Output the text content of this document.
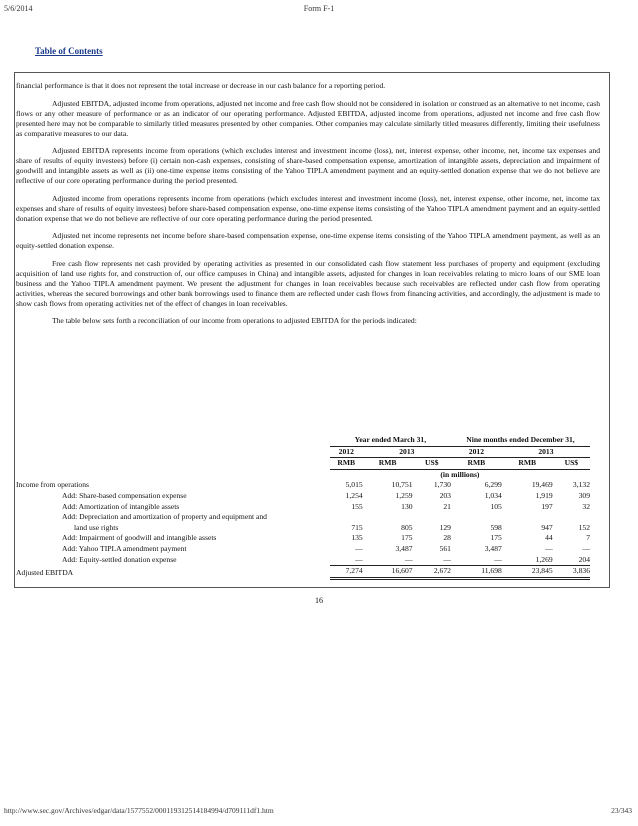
5/6/2014	Form F-1
Table of Contents

financial performance is that it does not represent the total increase or decrease in our cash balance for a reporting period.

Adjusted EBITDA, adjusted income from operations, adjusted net income and free cash flow should not be considered in isolation or construed as an alternative to net income, cash flows or any other measure of performance or as an indicator of our operating performance. Adjusted EBITDA, adjusted income from operations, adjusted net income and free cash flow presented here may not be comparable to similarly titled measures presented by other companies. Other companies may calculate similarly titled measures differently, limiting their usefulness as comparative measures to our data.

Adjusted EBITDA represents income from operations (which excludes interest and investment income (loss), net, interest expense, other income, net, income tax expenses and share of results of equity investees) before (i) certain non-cash expenses, consisting of share-based compensation expense, amortization of intangible assets, depreciation and impairment of goodwill and intangible assets as well as (ii) one-time expense items consisting of the Yahoo TIPLA amendment payment and an equity-settled donation expense that we do not believe are reflective of our core operating performance during the period presented.

Adjusted income from operations represents income from operations (which excludes interest and investment income (loss), net, interest expense, other income, net, income tax expenses and share of results of equity investees) before share-based compensation expense, one-time expense items consisting of the Yahoo TIPLA amendment payment and an equity-settled donation expense that we do not believe are reflective of our core operating performance during the period presented.

Adjusted net income represents net income before share-based compensation expense, one-time expense items consisting of the Yahoo TIPLA amendment payment, as well as an equity-settled donation expense.

Free cash flow represents net cash provided by operating activities as presented in our consolidated cash flow statement less purchases of property and equipment (excluding acquisition of land use rights for, and construction of, our office campuses in China) and intangible assets, adjusted for changes in loan receivables relating to micro loans of our SME loan business and the Yahoo TIPLA amendment payment. We present the adjustment for changes in loan receivables because such receivables are reflected under cash flow from operating activities, whereas the secured borrowings and other bank borrowings used to finance them are reflected under cash flows from financing activities, and accordingly, the adjustment is made to show cash flows from operating activities net of the effect of changes in loan receivables.

The table below sets forth a reconciliation of our income from operations to adjusted EBITDA for the periods indicated:

	Year ended March 31,			Nine months ended December 31,		
	2012	2013		2012	2013	
	RMB	RMB	US$	RMB	RMB	US$
	(in millions)					
Income from operations	5,015	10,751	1,730	6,299	19,469	3,132
Add: Share-based compensation expense	1,254	1,259	203	1,034	1,919	309
Add: Amortization of intangible assets	155	130	21	105	197	32
Add: Depreciation and amortization of property and equipment and						
land use rights	715	805	129	598	947	152
Add: Impairment of goodwill and intangible assets	135	175	28	175	44	7
Add: Yahoo TIPLA amendment payment	—	3,487	561	3,487	—	—
Add: Equity-settled donation expense	—	—	—	—	1,269	204
Adjusted EBITDA	7,274	16,607	2,672	11,698	23,845	3,836
16
http://www.sec.gov/Archives/edgar/data/1577552/000119312514184994/d709111df1.htm	23/343
